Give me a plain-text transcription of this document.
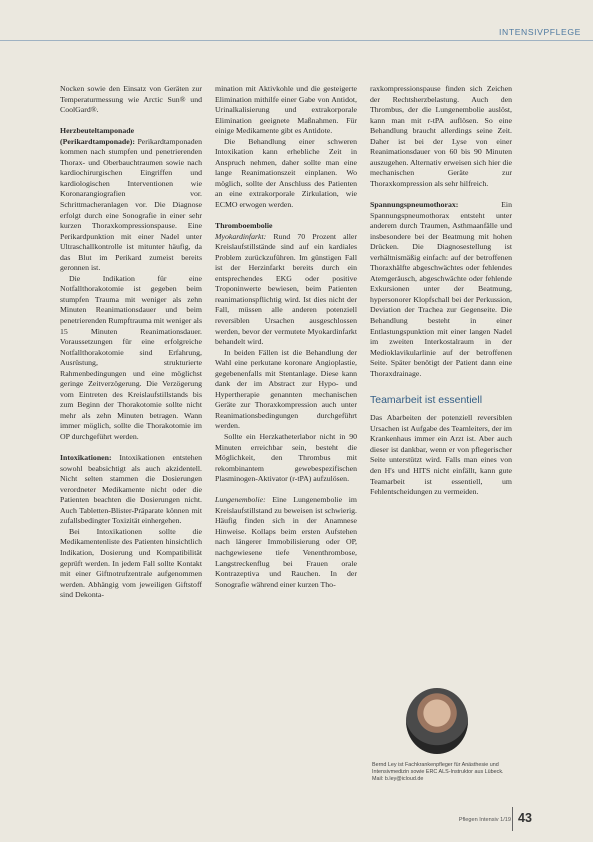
INTENSIVPFLEGE

Nocken sowie den Einsatz von Geräten zur Temperaturmessung wie Arctic Sun® und CoolGard®.

Herzbeuteltamponade (Perikardtamponade): Perikardtamponaden kommen nach stumpfen und penetrierenden Thorax- und Oberbauchtraumen sowie nach kardiochirurgischen Eingriffen und kardiologischen Interventionen wie Koronarangiografien vor. Schrittmacheranlagen vor. Die Diagnose erfolgt durch eine Sonografie in einer sehr kurzen Thoraxkompressionspause. Eine Perikardpunktion mit einer Nadel unter Ultraschallkontrolle ist mitunter häufig, da das Blut im Perikard zumeist bereits geronnen ist.

Die Indikation für eine Notfallthorakotomie ist gegeben beim stumpfen Trauma mit weniger als zehn Minuten Reanimationsdauer und beim penetrierenden Rumpftrauma mit weniger als 15 Minuten Reanimationsdauer. Voraussetzungen für eine erfolgreiche Notfallthorakotomie sind Erfahrung, Ausrüstung, strukturierte Rahmenbedingungen und eine möglichst geringe Zeitverzögerung. Die Verzögerung vom Eintreten des Kreislaufstillstands bis zum Beginn der Thorakotomie sollte nicht mehr als zehn Minuten betragen. Wann immer möglich, sollte die Thorakotomie im OP durchgeführt werden.

Intoxikationen: Intoxikationen entstehen sowohl beabsichtigt als auch akzidentell. Nicht selten stammen die Dosierungen verordneter Medikamente nicht oder die Patienten beachten die Dosierungen nicht. Auch Tabletten-Blister-Präparate können mit zufallsbedingter Toxizität einhergehen.

Bei Intoxikationen sollte die Medikamentenliste des Patienten hinsichtlich Indikation, Dosierung und Kompatibilität geprüft werden. In jedem Fall sollte Kontakt mit einer Giftnotrufzentrale aufgenommen werden. Abhängig vom jeweiligen Giftstoff sind Dekonta-

mination mit Aktivkohle und die gesteigerte Elimination mithilfe einer Gabe von Antidot, Urinalkalisierung und extrakorporale Elimination geeignete Maßnahmen. Für einige Medikamente gibt es Antidote.

Die Behandlung einer schweren Intoxikation kann erhebliche Zeit in Anspruch nehmen, daher sollte man eine lange Reanimationszeit einplanen. Wo möglich, sollte der Anschluss des Patienten an eine extrakorporale Zirkulation, wie ECMO erwogen werden.

Thromboembolie

Myokardinfarkt: Rund 70 Prozent aller Kreislaufstillstände sind auf ein kardiales Problem zurückzuführen. Im günstigen Fall ist der Herzinfarkt bereits durch ein entsprechendes EKG oder positive Troponinwerte bewiesen, beim Patienten reanimationspflichtig wird. Ist dies nicht der Fall, müssen alle anderen potenziell reversiblen Ursachen ausgeschlossen werden, bevor der vermutete Myokardinfarkt behandelt wird.

In beiden Fällen ist die Behandlung der Wahl eine perkutane koronare Angioplastie, gegebenenfalls mit Stentanlage. Diese kann dank der im Abstract zur Hypo- und Hypertherapie genannten mechanischen Geräte zur Thoraxkompression auch unter Reanimationsbedingungen durchgeführt werden.

Sollte ein Herzkatheterlabor nicht in 90 Minuten erreichbar sein, besteht die Möglichkeit, den Thrombus mit rekombinantem gewebespezifischen Plasminogen-Aktivator (r-tPA) aufzulösen.

Lungenembolie: Eine Lungenembolie im Kreislaufstillstand zu beweisen ist schwierig. Häufig finden sich in der Anamnese Hinweise. Kollaps beim ersten Aufstehen nach längerer Immobilisierung oder OP, nachgewiesene tiefe Venenthrombose, Langstreckenflug bei Frauen orale Kontrazeptiva und Rauchen. In der Sonografie während einer kurzen Tho-

raxkompressionspause finden sich Zeichen der Rechtsherzbelastung. Auch den Thrombus, der die Lungenembolie auslöst, kann man mit r-tPA auflösen. So eine Behandlung braucht allerdings seine Zeit. Daher ist bei der Lyse von einer Reanimationsdauer von 60 bis 90 Minuten auszugehen. Alternativ erweisen sich hier die mechanischen Geräte zur Thoraxkompression als sehr hilfreich.

Spannungspneumothorax:	Ein Spannungspneumothorax entsteht unter anderem durch Traumen, Asthmaanfälle und insbesondere bei der Beatmung mit hohen Drücken. Die Diagnosestellung ist verhältnismäßig einfach: auf der betroffenen Thoraxhälfte abgeschwächtes oder fehlendes Atemgeräusch, abgeschwächte oder fehlende Exkursionen unter der Beatmung, hypersonorer Klopfschall bei der Perkussion, Deviation der Trachea zur Gegenseite. Die Behandlung besteht in einer Entlastungspunktion mit einer langen Nadel im zweiten Interkostalraum in der Medioklavikularlinie auf der betroffenen Seite. Später benötigt der Patient dann eine Thoraxdrainage.

Teamarbeit ist essentiell

Das Abarbeiten der potenziell reversiblen Ursachen ist Aufgabe des Teamleiters, der im Krankenhaus immer ein Arzt ist. Aber auch dieser ist dankbar, wenn er von pflegerischer Seite unterstützt wird. Falls man eines von den H's und HITS nicht einfällt, kann gute Teamarbeit ist essentiell, um Fehlentscheidungen zu vermeiden.

Bernd Ley ist Fachkrankenpfleger für Anästhesie und Intensivmedizin sowie ERC ALS-Instruktor aus Lübeck. Mail: b.ley@icloud.de
Pflegen Intensiv 1/19 43
